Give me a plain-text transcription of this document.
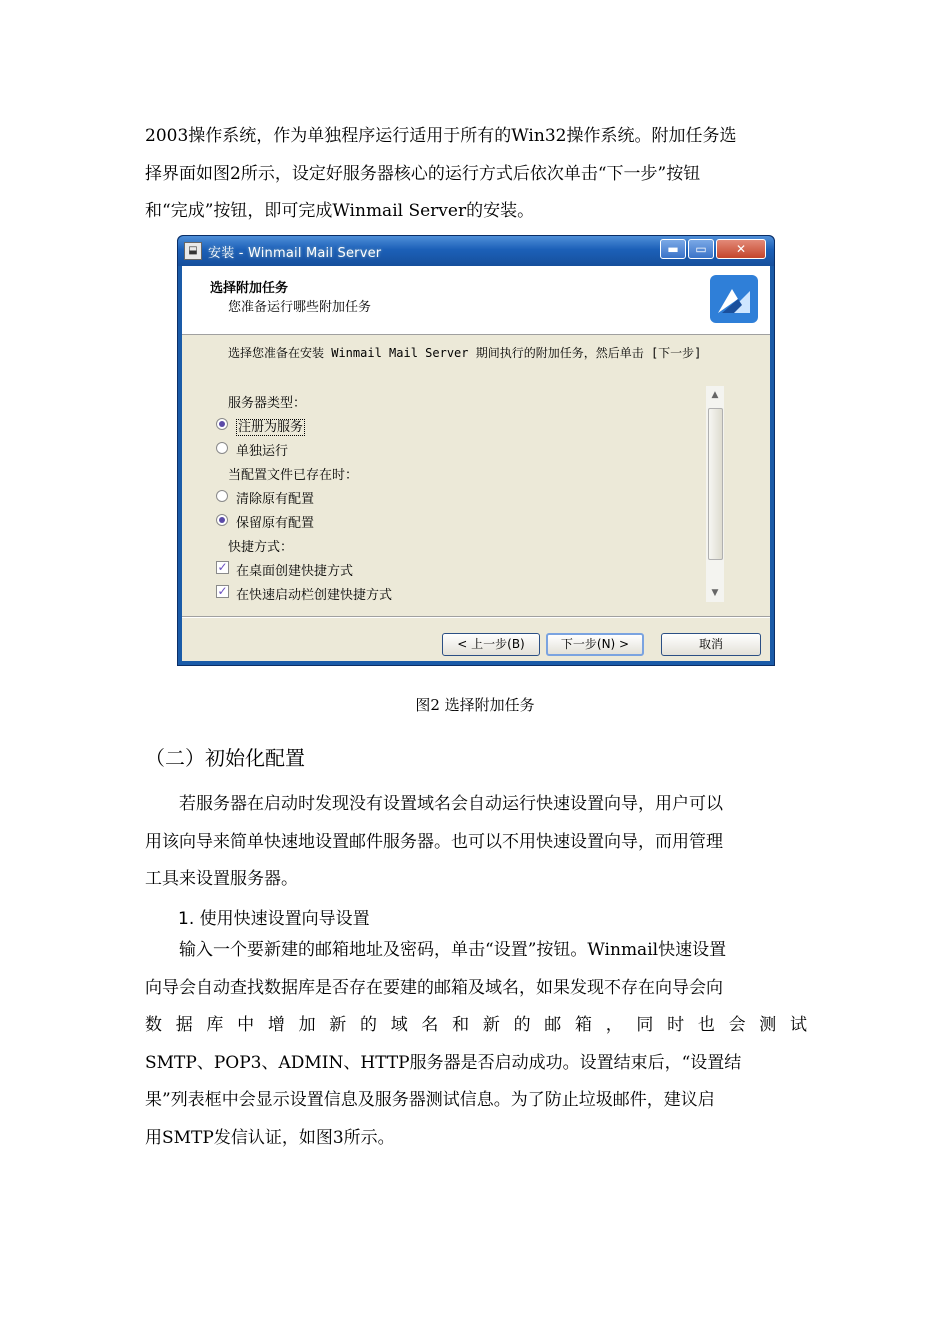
2003操作系统，作为单独程序运行适用于所有的Win32操作系统。附加任务选
择界面如图2所示，设定好服务器核心的运行方式后依次单击“下一步”按钮
和“完成”按钮，即可完成Winmail Server的安装。
⬓ 安装 - Winmail Mail Server	▬	▭	✕
选择附加任务
您准备运行哪些附加任务
选择您准备在安装 Winmail Mail Server 期间执行的附加任务，然后单击 [下一步]
服务器类型：
注册为服务
单独运行
当配置文件已存在时：
清除原有配置
保留原有配置
快捷方式：
✓ 在桌面创建快捷方式
✓ 在快速启动栏创建快捷方式
▲
▼
< 上一步(B)	下一步(N) >	取消
图2 选择附加任务
（二）初始化配置
若服务器在启动时发现没有设置域名会自动运行快速设置向导，用户可以
用该向导来简单快速地设置邮件服务器。也可以不用快速设置向导，而用管理
工具来设置服务器。
1. 使用快速设置向导设置
输入一个要新建的邮箱地址及密码，单击“设置”按钮。Winmail快速设置
向导会自动查找数据库是否存在要建的邮箱及域名，如果发现不存在向导会向
数据库中增加新的域名和新的邮箱，同时也会测试
SMTP、POP3、ADMIN、HTTP服务器是否启动成功。设置结束后，“设置结
果”列表框中会显示设置信息及服务器测试信息。为了防止垃圾邮件，建议启
用SMTP发信认证，如图3所示。
